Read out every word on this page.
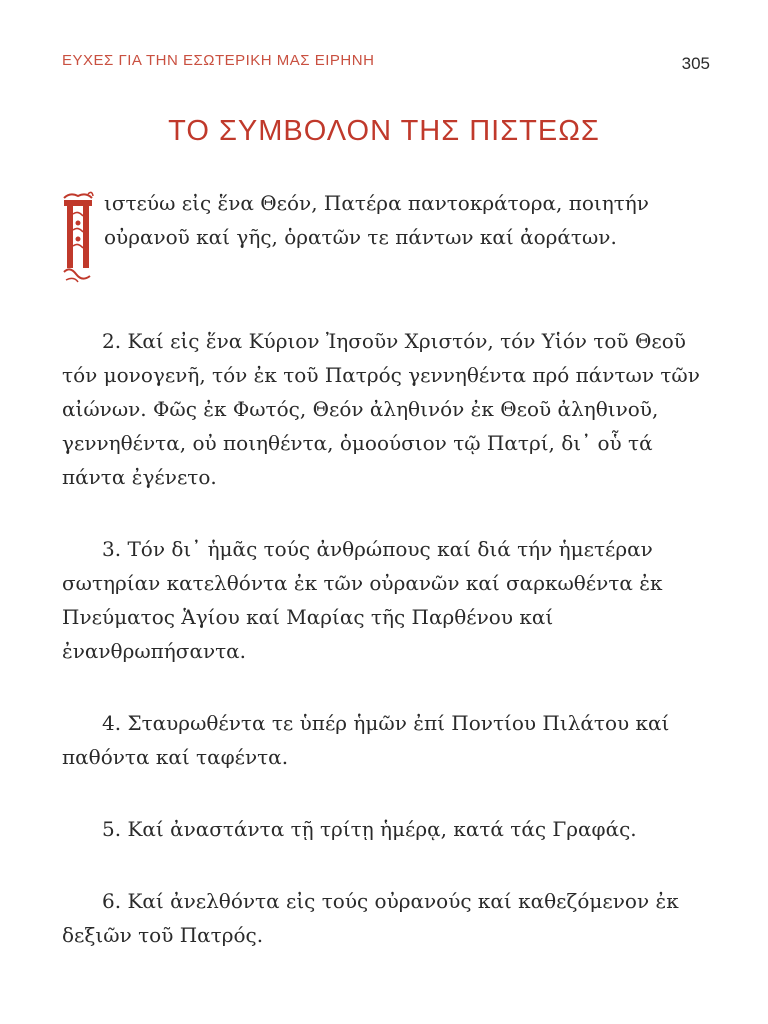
ΕΥΧΕΣ ΓΙΑ ΤΗΝ ΕΣΩΤΕΡΙΚΗ ΜΑΣ ΕΙΡΗΝΗ	305
ΤΟ ΣΥΜΒΟΛΟΝ ΤΗΣ ΠΙΣΤΕΩΣ
ιστεύω εἰς ἕνα Θεόν, Πατέρα παντοκράτορα, ποιητήν οὐρανοῦ καί γῆς, ὁρατῶν τε πάντων καί ἀοράτων.

2. Καί εἰς ἕνα Κύριον Ἰησοῦν Χριστόν, τόν Υἱόν τοῦ Θεοῦ τόν μονογενῆ, τόν ἐκ τοῦ Πατρός γεννηθέντα πρό πάντων τῶν αἰώνων. Φῶς ἐκ Φωτός, Θεόν ἀληθινόν ἐκ Θεοῦ ἀληθινοῦ, γεννηθέντα, οὐ ποιηθέντα, ὁμοούσιον τῷ Πατρί, δι᾿ οὗ τά πάντα ἐγένετο.

3. Τόν δι᾿ ἡμᾶς τούς ἀνθρώπους καί διά τήν ἡμετέραν σωτηρίαν κατελθόντα ἐκ τῶν οὐρανῶν καί σαρκωθέντα ἐκ Πνεύματος Ἁγίου καί Μαρίας τῆς Παρθένου καί ἐνανθρωπήσαντα.

4. Σταυρωθέντα τε ὑπέρ ἡμῶν ἐπί Ποντίου Πιλάτου καί παθόντα καί ταφέντα.

5. Καί ἀναστάντα τῇ τρίτῃ ἡμέρᾳ, κατά τάς Γραφάς.

6. Καί ἀνελθόντα εἰς τούς οὐρανούς καί καθεζόμενον ἐκ δεξιῶν τοῦ Πατρός.
